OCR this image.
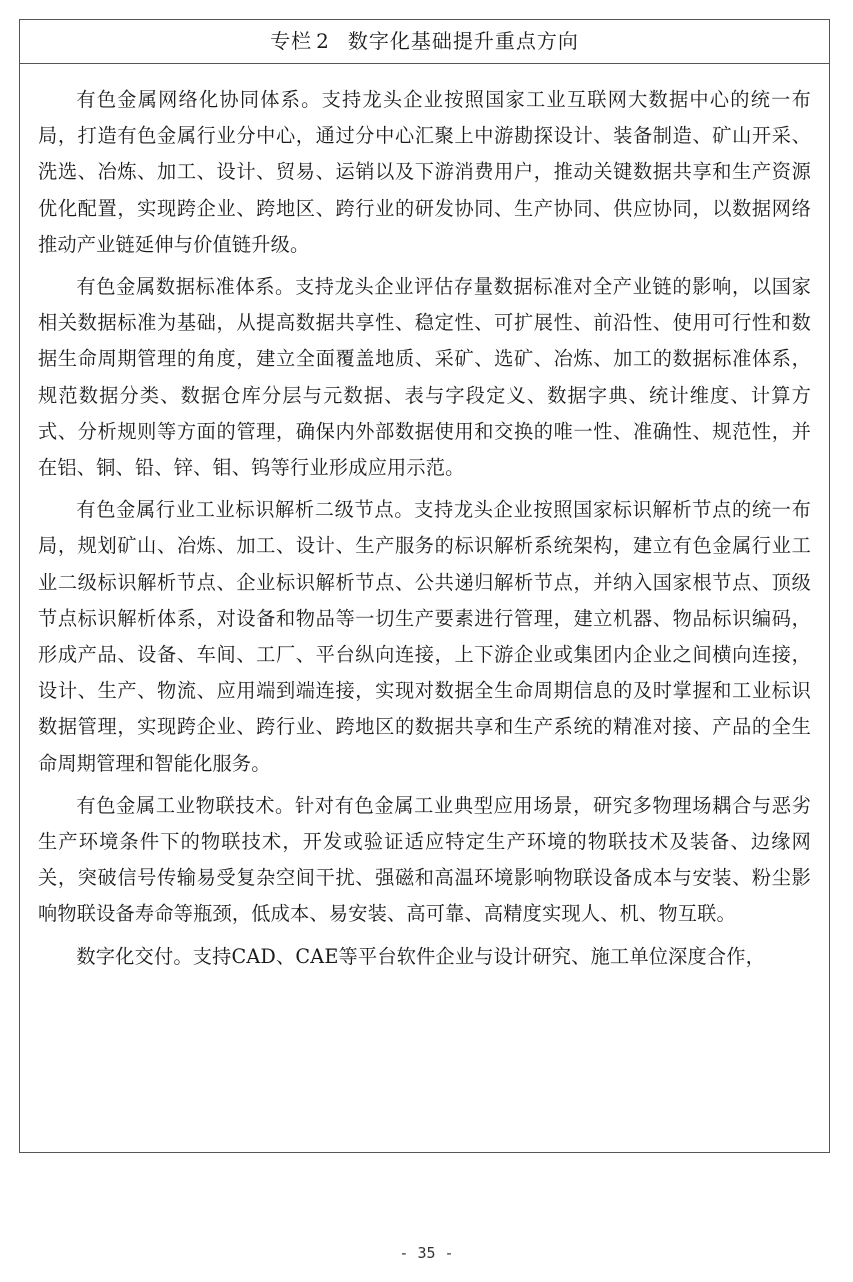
专栏 2 数字化基础提升重点方向

有色金属网络化协同体系。支持龙头企业按照国家工业互联网大数据中心的统一布局，打造有色金属行业分中心，通过分中心汇聚上中游勘探设计、装备制造、矿山开采、洗选、冶炼、加工、设计、贸易、运销以及下游消费用户，推动关键数据共享和生产资源优化配置，实现跨企业、跨地区、跨行业的研发协同、生产协同、供应协同，以数据网络推动产业链延伸与价值链升级。

有色金属数据标准体系。支持龙头企业评估存量数据标准对全产业链的影响，以国家相关数据标准为基础，从提高数据共享性、稳定性、可扩展性、前沿性、使用可行性和数据生命周期管理的角度，建立全面覆盖地质、采矿、选矿、冶炼、加工的数据标准体系，规范数据分类、数据仓库分层与元数据、表与字段定义、数据字典、统计维度、计算方式、分析规则等方面的管理，确保内外部数据使用和交换的唯一性、准确性、规范性，并在铝、铜、铅、锌、钼、钨等行业形成应用示范。

有色金属行业工业标识解析二级节点。支持龙头企业按照国家标识解析节点的统一布局，规划矿山、冶炼、加工、设计、生产服务的标识解析系统架构，建立有色金属行业工业二级标识解析节点、企业标识解析节点、公共递归解析节点，并纳入国家根节点、顶级节点标识解析体系，对设备和物品等一切生产要素进行管理，建立机器、物品标识编码，形成产品、设备、车间、工厂、平台纵向连接，上下游企业或集团内企业之间横向连接，设计、生产、物流、应用端到端连接，实现对数据全生命周期信息的及时掌握和工业标识数据管理，实现跨企业、跨行业、跨地区的数据共享和生产系统的精准对接、产品的全生命周期管理和智能化服务。

有色金属工业物联技术。针对有色金属工业典型应用场景，研究多物理场耦合与恶劣生产环境条件下的物联技术，开发或验证适应特定生产环境的物联技术及装备、边缘网关，突破信号传输易受复杂空间干扰、强磁和高温环境影响物联设备成本与安装、粉尘影响物联设备寿命等瓶颈，低成本、易安装、高可靠、高精度实现人、机、物互联。

数字化交付。支持CAD、CAE等平台软件企业与设计研究、施工单位深度合作，

- 35 -
